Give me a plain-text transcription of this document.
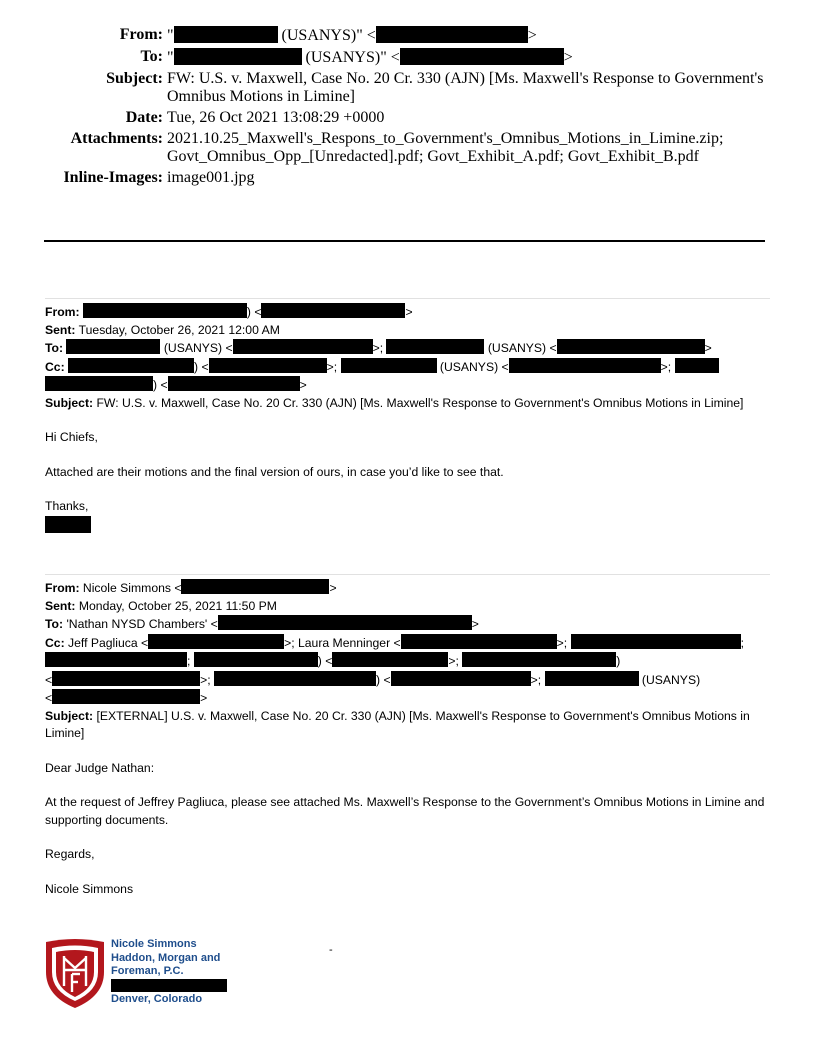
From: "	(USANYS)" <	>
To: "	(USANYS)" <	>
Subject: FW: U.S. v. Maxwell, Case No. 20 Cr. 330 (AJN) [Ms. Maxwell's Response to Government's Omnibus Motions in Limine]
Date: Tue, 26 Oct 2021 13:08:29 +0000
Attachments: 2021.10.25_Maxwell's_Respons_to_Government's_Omnibus_Motions_in_Limine.zip;
Govt_Omnibus_Opp_[Unredacted].pdf; Govt_Exhibit_A.pdf; Govt_Exhibit_B.pdf
Inline-Images: image001.jpg

From:	) <	>

Sent: Tuesday, October 26, 2021 12:00 AM

To:	(USANYS) <	>;	(USANYS) <	>

Cc:	) <	>;	(USANYS) <	>;

) <	>

Subject: FW: U.S. v. Maxwell, Case No. 20 Cr. 330 (AJN) [Ms. Maxwell's Response to Government's Omnibus Motions in Limine]

Hi Chiefs,

Attached are their motions and the final version of ours, in case you’d like to see that.

Thanks,

From: Nicole Simmons <	>

Sent: Monday, October 25, 2021 11:50 PM

To: 'Nathan NYSD Chambers' <	>

Cc: Jeff Pagliuca <	>; Laura Menninger <	>;	;

;	) <	>;	)

<	>;	) <	>;	(USANYS)

<	>

Subject: [EXTERNAL] U.S. v. Maxwell, Case No. 20 Cr. 330 (AJN) [Ms. Maxwell's Response to Government's Omnibus Motions in Limine]

Dear Judge Nathan:

At the request of Jeffrey Pagliuca, please see attached Ms. Maxwell’s Response to the Government’s Omnibus Motions in Limine and supporting documents.

Regards,

Nicole Simmons

Nicole Simmons
Haddon, Morgan and
Foreman, P.C.
Denver, Colorado
-
